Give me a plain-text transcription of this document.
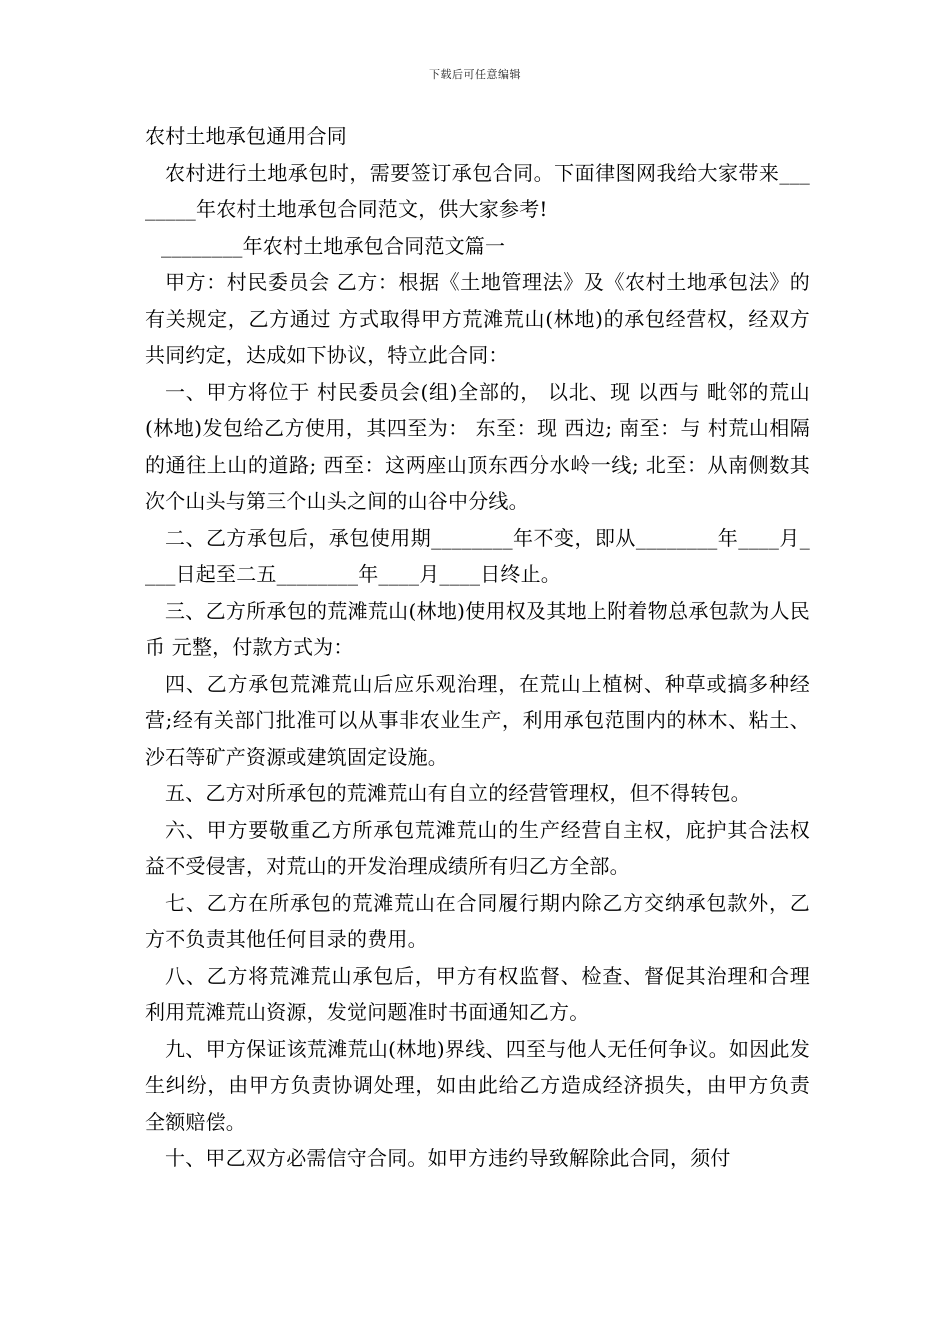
下载后可任意编辑
农村土地承包通用合同

农村进行土地承包时，需要签订承包合同。下面律图网我给大家带来________年农村土地承包合同范文，供大家参考!

________年农村土地承包合同范文篇一

甲方：村民委员会 乙方：根据《土地管理法》及《农村土地承包法》的有关规定，乙方通过 方式取得甲方荒滩荒山(林地)的承包经营权，经双方共同约定，达成如下协议，特立此合同：

一、甲方将位于 村民委员会(组)全部的， 以北、现 以西与 毗邻的荒山(林地)发包给乙方使用，其四至为： 东至：现 西边; 南至：与 村荒山相隔的通往上山的道路; 西至：这两座山顶东西分水岭一线; 北至：从南侧数其次个山头与第三个山头之间的山谷中分线。

二、乙方承包后，承包使用期________年不变，即从________年____月____日起至二五________年____月____日终止。

三、乙方所承包的荒滩荒山(林地)使用权及其地上附着物总承包款为人民币 元整，付款方式为：

四、乙方承包荒滩荒山后应乐观治理，在荒山上植树、种草或搞多种经营;经有关部门批准可以从事非农业生产，利用承包范围内的林木、粘土、沙石等矿产资源或建筑固定设施。

五、乙方对所承包的荒滩荒山有自立的经营管理权，但不得转包。

六、甲方要敬重乙方所承包荒滩荒山的生产经营自主权，庇护其合法权益不受侵害，对荒山的开发治理成绩所有归乙方全部。

七、乙方在所承包的荒滩荒山在合同履行期内除乙方交纳承包款外，乙方不负责其他任何目录的费用。

八、乙方将荒滩荒山承包后，甲方有权监督、检查、督促其治理和合理利用荒滩荒山资源，发觉问题准时书面通知乙方。

九、甲方保证该荒滩荒山(林地)界线、四至与他人无任何争议。如因此发生纠纷，由甲方负责协调处理，如由此给乙方造成经济损失，由甲方负责全额赔偿。

十、甲乙双方必需信守合同。如甲方违约导致解除此合同，须付
